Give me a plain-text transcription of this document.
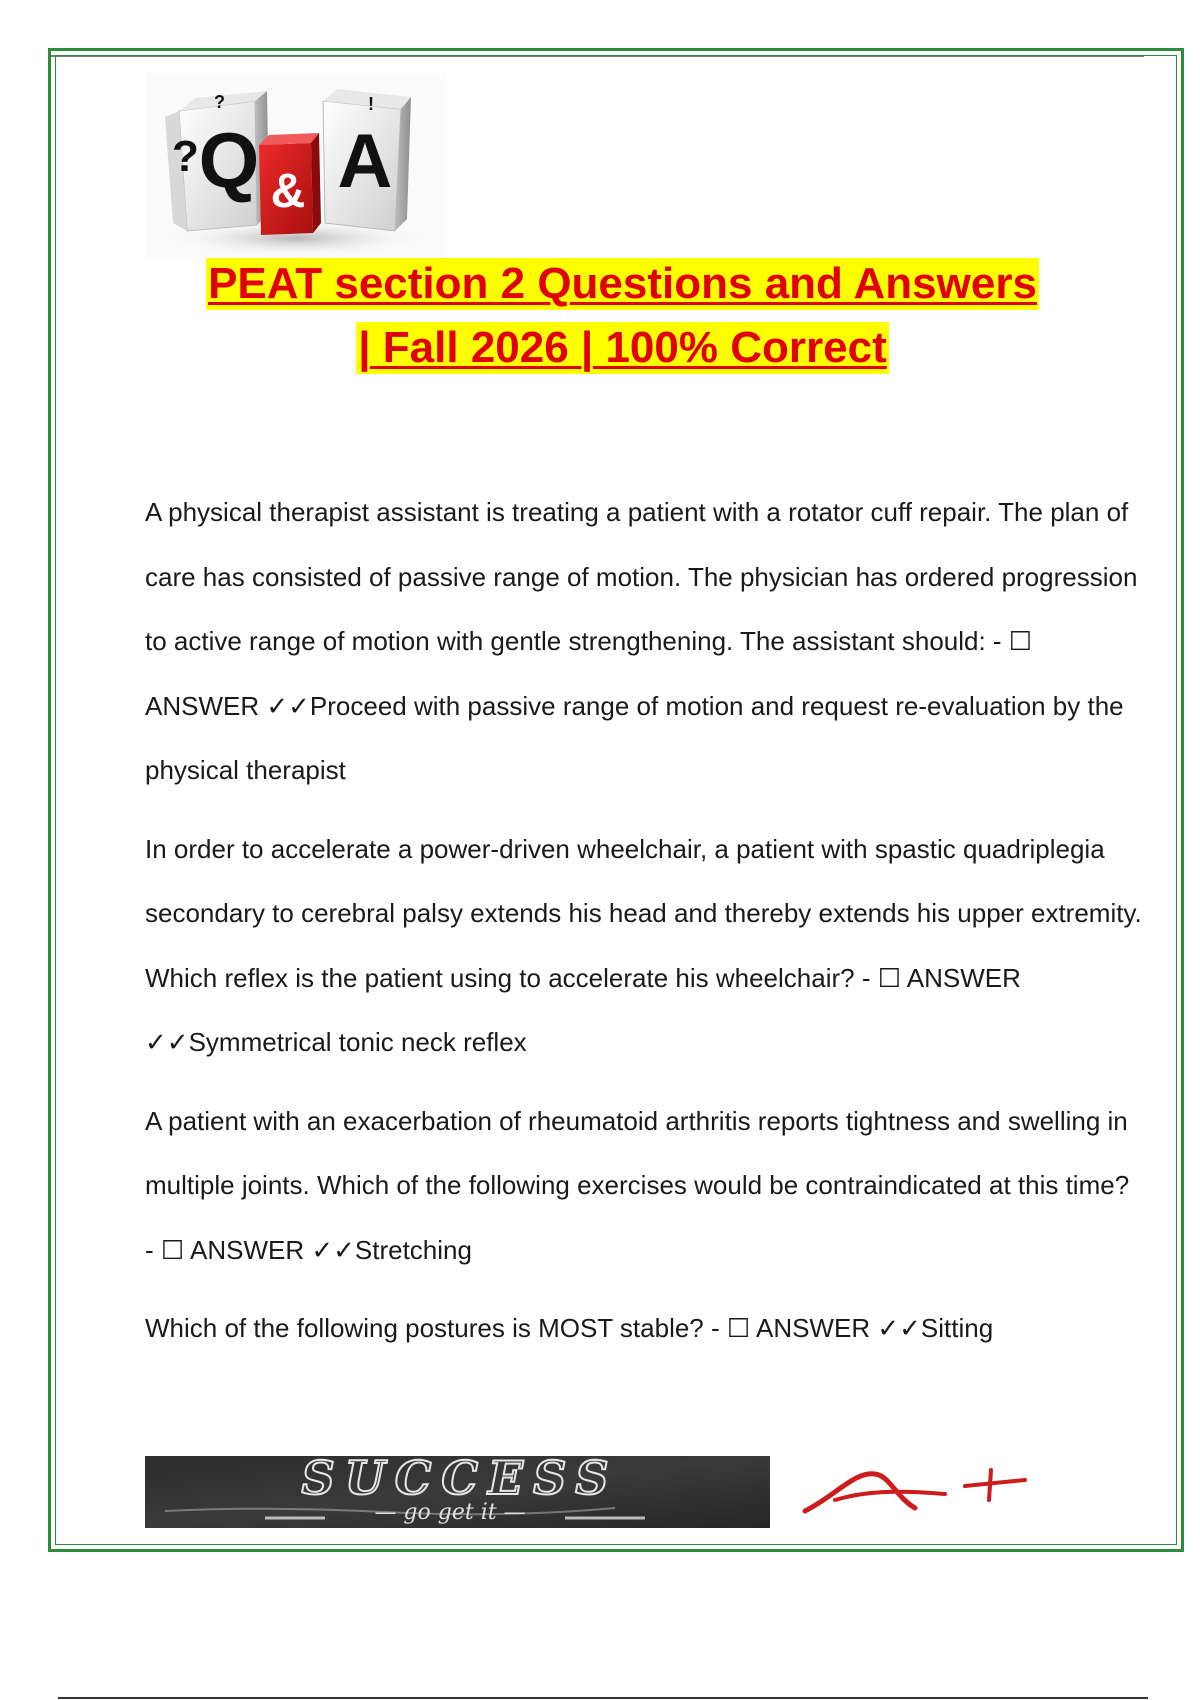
Q
?
?
& A
!
PEAT section 2 Questions and Answers
| Fall 2026 | 100% Correct

A physical therapist assistant is treating a patient with a rotator cuff repair. The plan of care has consisted of passive range of motion. The physician has ordered progression to active range of motion with gentle strengthening. The assistant should: - ☐ ANSWER ✓✓Proceed with passive range of motion and request re-evaluation by the physical therapist

In order to accelerate a power-driven wheelchair, a patient with spastic quadriplegia secondary to cerebral palsy extends his head and thereby extends his upper extremity. Which reflex is the patient using to accelerate his wheelchair? - ☐ ANSWER ✓✓Symmetrical tonic neck reflex

A patient with an exacerbation of rheumatoid arthritis reports tightness and swelling in multiple joints. Which of the following exercises would be contraindicated at this time? - ☐ ANSWER ✓✓Stretching

Which of the following postures is MOST stable? - ☐ ANSWER ✓✓Sitting

SUCCESS
— go get it —
